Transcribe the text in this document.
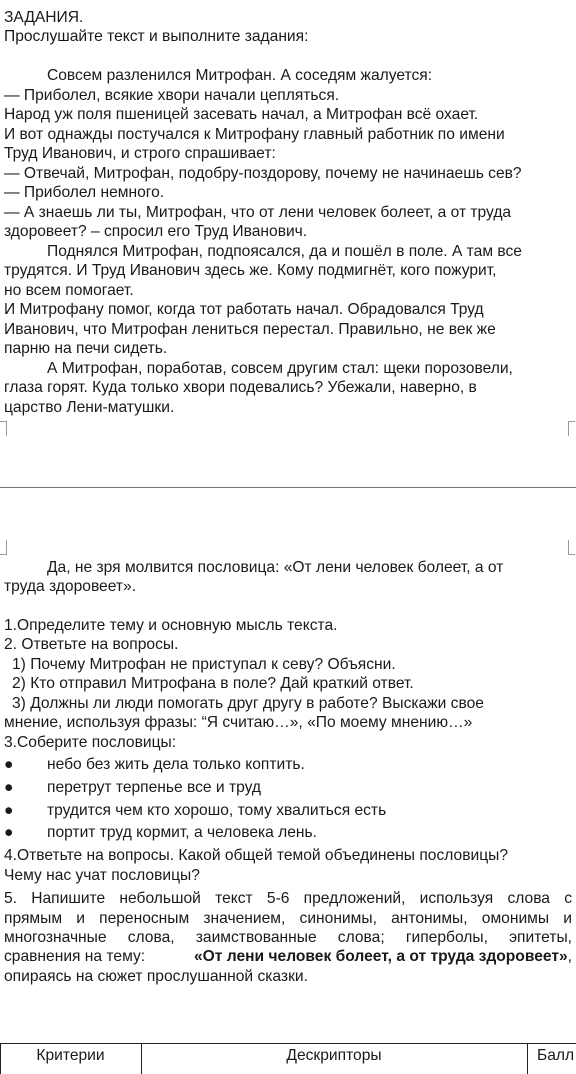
ЗАДАНИЯ.
Прослушайте текст и выполните задания:
Совсем разленился Митрофан. А соседям жалуется:
— Приболел, всякие хвори начали цепляться.
Народ уж поля пшеницей засевать начал, а Митрофан всё охает.
И вот однажды постучался к Митрофану главный работник по имени
Труд Иванович, и строго спрашивает:
— Отвечай, Митрофан, подобру-поздорову, почему не начинаешь сев?
— Приболел немного.
— А знаешь ли ты, Митрофан, что от лени человек болеет, а от труда
здоровеет? – спросил его Труд Иванович.
Поднялся Митрофан, подпоясался, да и пошёл в поле. А там все
трудятся. И Труд Иванович здесь же. Кому подмигнёт, кого пожурит,
но всем помогает.
И Митрофану помог, когда тот работать начал. Обрадовался Труд
Иванович, что Митрофан лениться перестал. Правильно, не век же
парню на печи сидеть.
А Митрофан, поработав, совсем другим стал: щеки порозовели,
глаза горят. Куда только хвори подевались? Убежали, наверно, в
царство Лени-матушки.
Да, не зря молвится пословица: «От лени человек болеет, а от
труда здоровеет».
1.Определите тему и основную мысль текста.
2. Ответьте на вопросы.
1) Почему Митрофан не приступал к севу? Объясни.
2) Кто отправил Митрофана в поле? Дай краткий ответ.
3) Должны ли люди помогать друг другу в работе? Выскажи свое
мнение, используя фразы: “Я считаю…», «По моему мнению…»
3.Соберите пословицы:
● небо без жить дела только коптить.
● перетрут терпенье все и труд
● трудится чем кто хорошо, тому хвалиться есть
● портит труд кормит, а человека лень.
4.Ответьте на вопросы. Какой общей темой объединены пословицы?
Чему нас учат пословицы?
5. Напишите небольшой текст 5-6 предложений, используя слова с
прямым и переносным значением, синонимы, антонимы, омонимы и
многозначные слова, заимствованные слова; гиперболы, эпитеты,
сравнения на тему:	«От лени человек болеет, а от труда здоровеет»,
опираясь на сюжет прослушанной сказки.
Критерии	Дескрипторы	Балл
